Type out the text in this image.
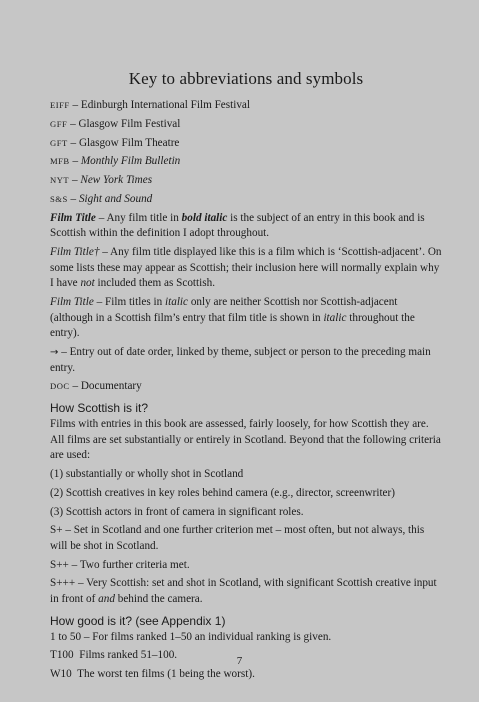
Key to abbreviations and symbols

EIFF – Edinburgh International Film Festival

GFF – Glasgow Film Festival

GFT – Glasgow Film Theatre

MFB – Monthly Film Bulletin

NYT – New York Times

S&S – Sight and Sound

Film Title – Any film title in bold italic is the subject of an entry in this book and is Scottish within the definition I adopt throughout.

Film Title† – Any film title displayed like this is a film which is ‘Scottish-adjacent’. On some lists these may appear as Scottish; their inclusion here will normally explain why I have not included them as Scottish.

Film Title – Film titles in italic only are neither Scottish nor Scottish-adjacent (although in a Scottish film’s entry that film title is shown in italic throughout the entry).

→ – Entry out of date order, linked by theme, subject or person to the preceding main entry.

DOC – Documentary

How Scottish is it?

Films with entries in this book are assessed, fairly loosely, for how Scottish they are. All films are set substantially or entirely in Scotland. Beyond that the following criteria are used:

(1) substantially or wholly shot in Scotland

(2) Scottish creatives in key roles behind camera (e.g., director, screenwriter)

(3) Scottish actors in front of camera in significant roles.

S+ – Set in Scotland and one further criterion met – most often, but not always, this will be shot in Scotland.

S++ – Two further criteria met.

S+++ – Very Scottish: set and shot in Scotland, with significant Scottish creative input in front of and behind the camera.

How good is it? (see Appendix 1)

1 to 50 – For films ranked 1–50 an individual ranking is given.

T100  Films ranked 51–100.

W10  The worst ten films (1 being the worst).

7
